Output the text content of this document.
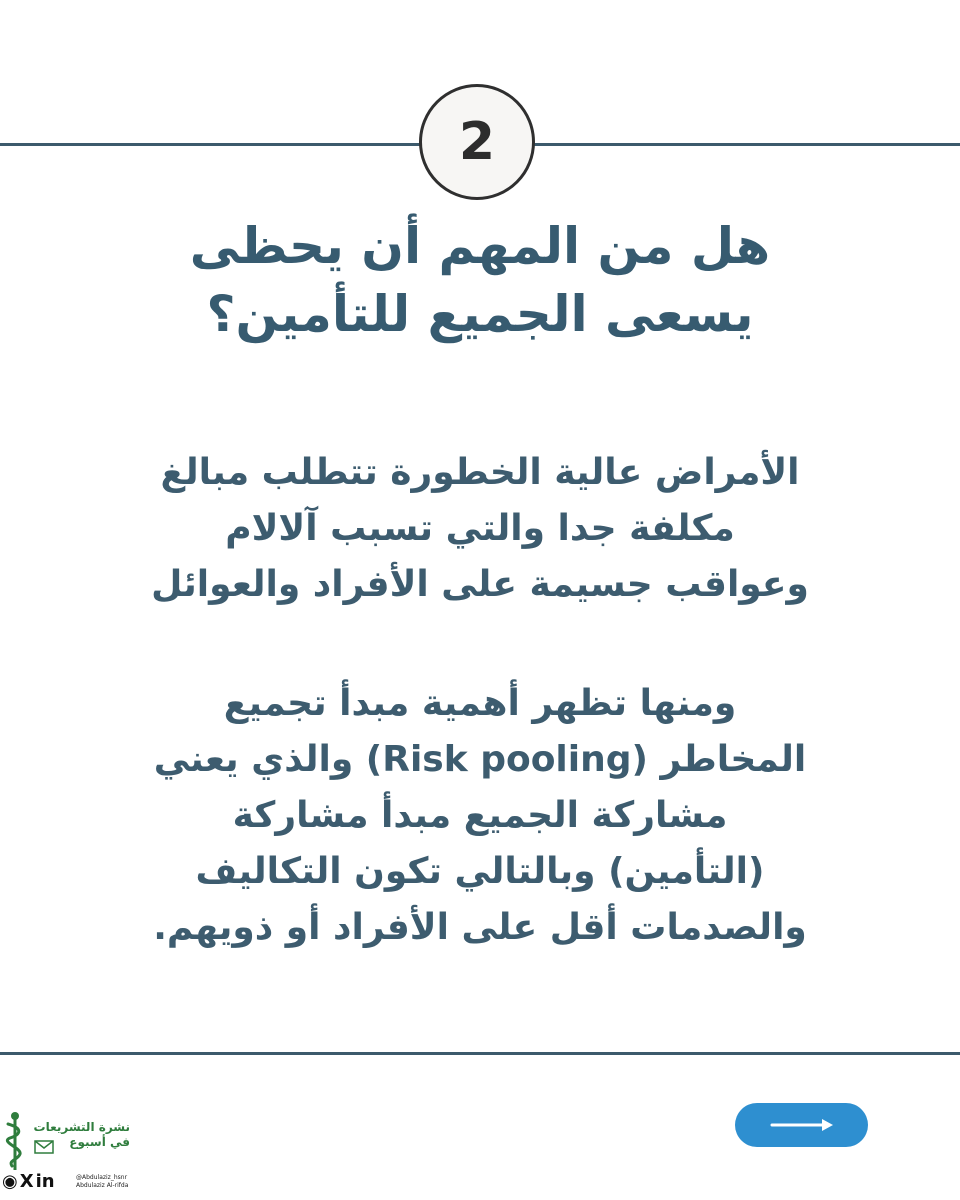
2
هل من المهم أن يحظى
يسعى الجميع للتأمين؟
الأمراض عالية الخطورة تتطلب مبالغ
مكلفة جدا والتي تسبب آلالام
وعواقب جسيمة على الأفراد والعوائل
ومنها تظهر أهمية مبدأ تجميع
المخاطر (Risk pooling) والذي يعني
مشاركة الجميع مبدأ مشاركة
(التأمين) وبالتالي تكون التكاليف
والصدمات أقل على الأفراد أو ذويهم.
نشرة التشريعات
في أسبوع
◉ X in	@Abdulaziz_hsnr
Abdulaziz Al-rifda
